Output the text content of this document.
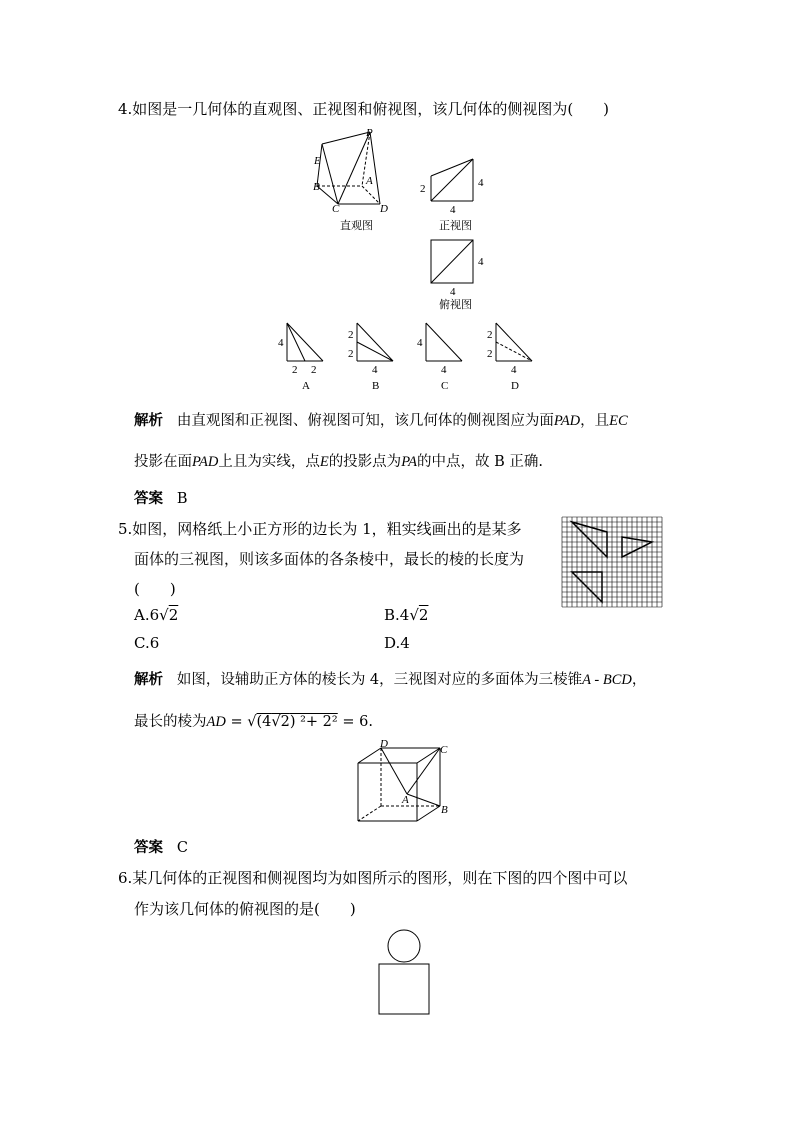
4.如图是一几何体的直观图、正视图和俯视图，该几何体的侧视图为(　　)
E
P
B	A
C	D
直观图
2	4
4
正视图
4
4
俯视图
4
2 2
A
2
2
4
B
4
4
C
2
2
4
D
解析 由直观图和正视图、俯视图可知，该几何体的侧视图应为面PAD，且EC
投影在面PAD上且为实线，点E的投影点为PA的中点，故 B 正确.
答案 B
5.如图，网格纸上小正方形的边长为 1，粗实线画出的是某多
面体的三视图，则该多面体的各条棱中，最长的棱的长度为
(　　)
A.6√2	B.4√2
C.6	D.4
解析 如图，设辅助正方体的棱长为 4，三视图对应的多面体为三棱锥A - BCD，
最长的棱为AD = √(4√2) ²+ 2² = 6.
D	C
A
B
答案 C
6.某几何体的正视图和侧视图均为如图所示的图形，则在下图的四个图中可以
作为该几何体的俯视图的是(　　)
